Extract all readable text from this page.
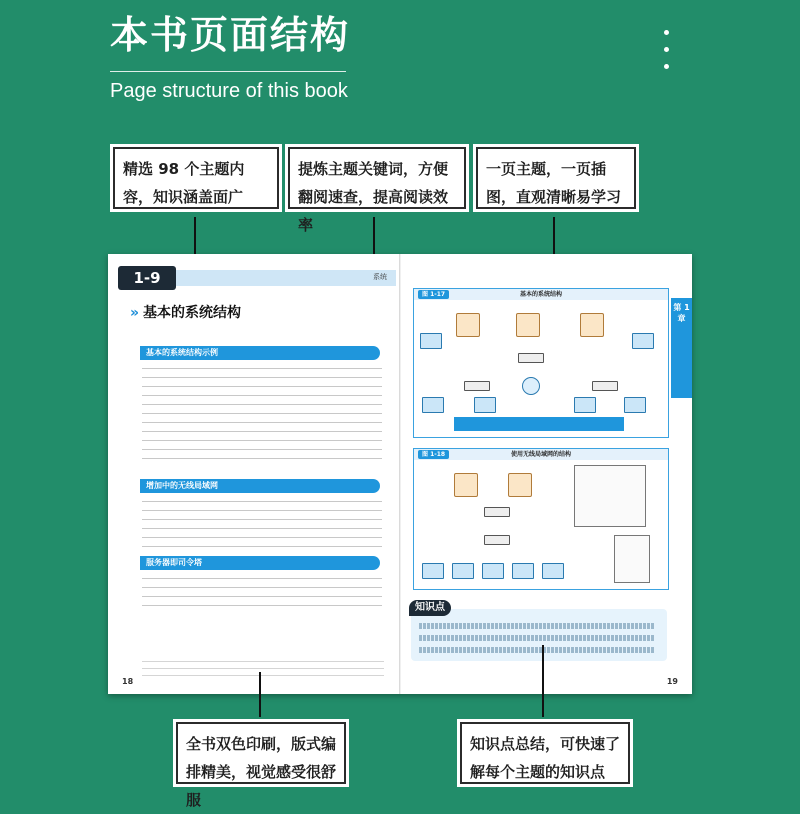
本书页面结构
Page structure of this book
精选 98 个主题内容，知识涵盖面广
提炼主题关键词，方便翻阅速查，提高阅读效率
一页主题，一页插图，直观清晰易学习
1-9	系统
» 基本的系统结构
基本的系统结构示例
增加中的无线局域网
服务器即司令塔
18
图 1-17	基本的系统结构
图 1-18	使用无线局域网的结构
第 1 章
知识点
19
全书双色印刷，版式编排精美，视觉感受很舒服
知识点总结，可快速了解每个主题的知识点
